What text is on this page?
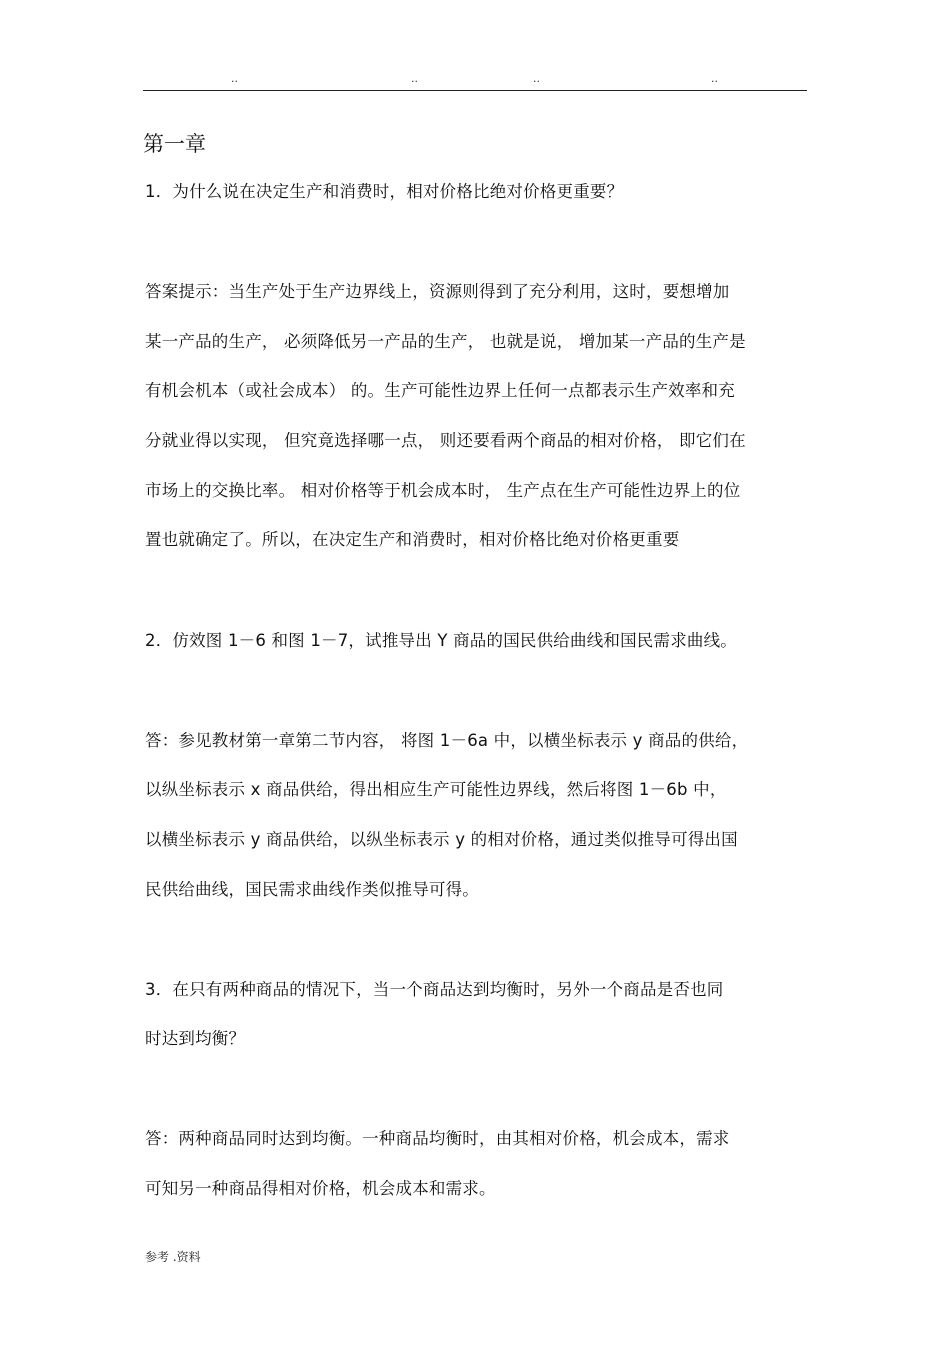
..	..	..	..
第一章
1．为什么说在决定生产和消费时，相对价格比绝对价格更重要？
答案提示：当生产处于生产边界线上，资源则得到了充分利用，这时，要想增加
某一产品的生产， 必须降低另一产品的生产， 也就是说， 增加某一产品的生产是
有机会机本（或社会成本） 的。生产可能性边界上任何一点都表示生产效率和充
分就业得以实现， 但究竟选择哪一点， 则还要看两个商品的相对价格， 即它们在
市场上的交换比率。 相对价格等于机会成本时， 生产点在生产可能性边界上的位
置也就确定了。所以，在决定生产和消费时，相对价格比绝对价格更重要
2．仿效图 1－6 和图 1－7，试推导出 Y 商品的国民供给曲线和国民需求曲线。
答：参见教材第一章第二节内容， 将图 1－6a 中，以横坐标表示 y 商品的供给，
以纵坐标表示 x 商品供给，得出相应生产可能性边界线，然后将图 1－6b 中，
以横坐标表示 y 商品供给，以纵坐标表示 y 的相对价格，通过类似推导可得出国
民供给曲线，国民需求曲线作类似推导可得。
3．在只有两种商品的情况下，当一个商品达到均衡时，另外一个商品是否也同
时达到均衡？
答：两种商品同时达到均衡。一种商品均衡时，由其相对价格，机会成本，需求
可知另一种商品得相对价格，机会成本和需求。
参考 .资料
